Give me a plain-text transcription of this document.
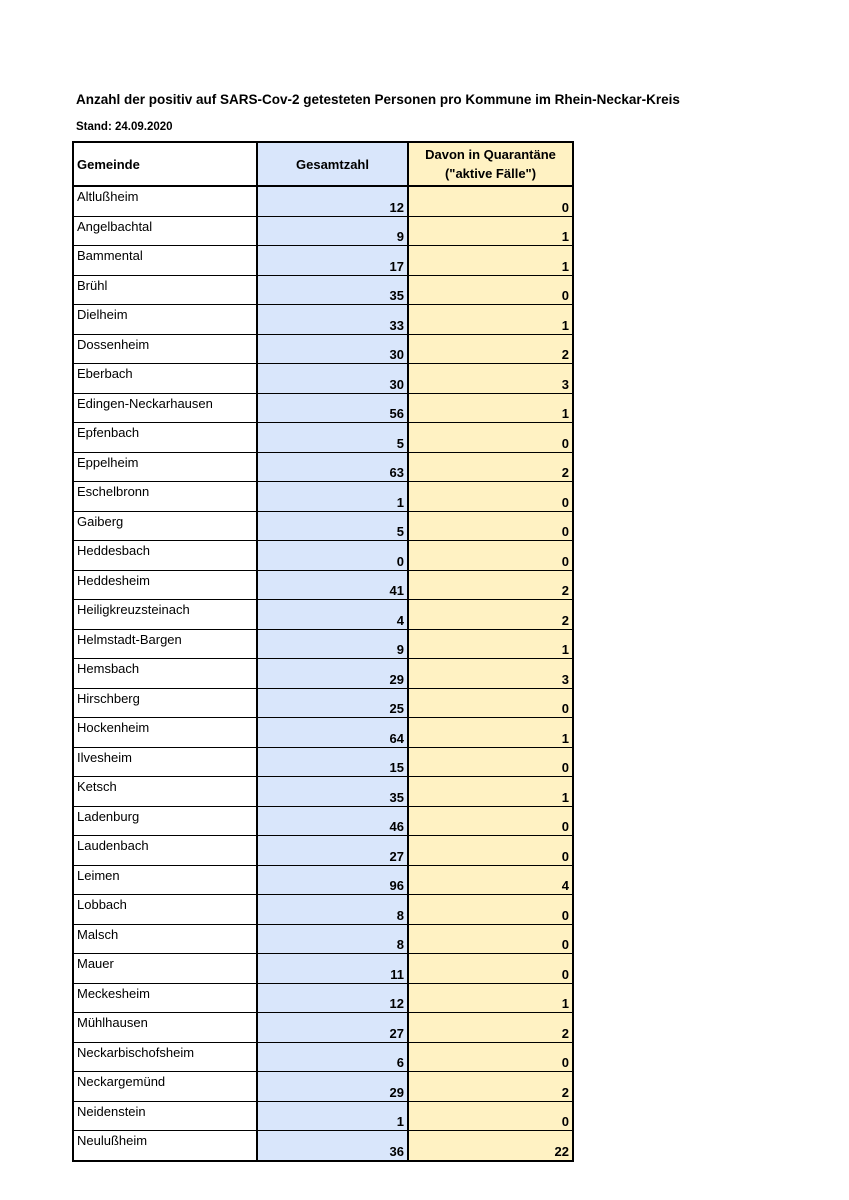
Anzahl der positiv auf SARS-Cov-2 getesteten Personen pro Kommune im Rhein-Neckar-Kreis
Stand: 24.09.2020
Gemeinde	Gesamtzahl	Davon in Quarantäne
("aktive Fälle")

Altlußheim	12	0
Angelbachtal	9	1
Bammental	17	1
Brühl	35	0
Dielheim	33	1
Dossenheim	30	2
Eberbach	30	3
Edingen-Neckarhausen	56	1
Epfenbach	5	0
Eppelheim	63	2
Eschelbronn	1	0
Gaiberg	5	0
Heddesbach	0	0
Heddesheim	41	2
Heiligkreuzsteinach	4	2
Helmstadt-Bargen	9	1
Hemsbach	29	3
Hirschberg	25	0
Hockenheim	64	1
Ilvesheim	15	0
Ketsch	35	1
Ladenburg	46	0
Laudenbach	27	0
Leimen	96	4
Lobbach	8	0
Malsch	8	0
Mauer	11	0
Meckesheim	12	1
Mühlhausen	27	2
Neckarbischofsheim	6	0
Neckargemünd	29	2
Neidenstein	1	0
Neulußheim	36	22
